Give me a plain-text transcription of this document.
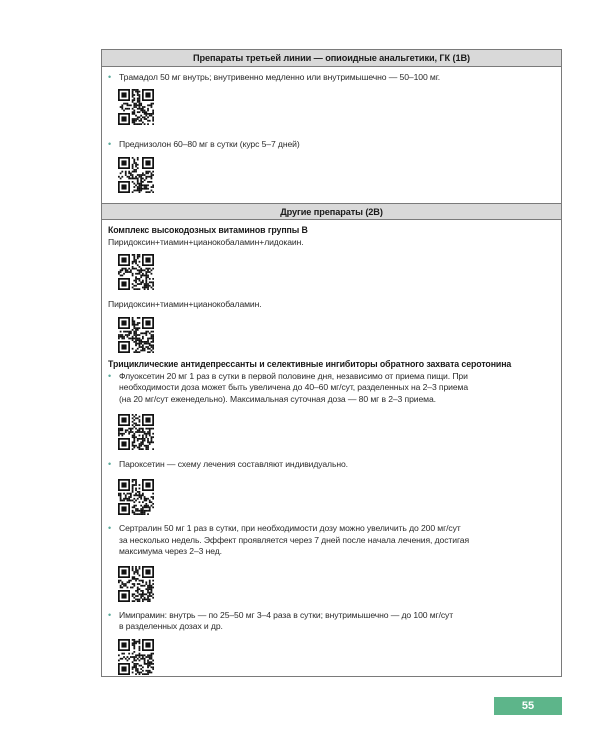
Препараты третьей линии — опиоидные анальгетики, ГК (1В)
• Трамадол 50 мг внутрь; внутривенно медленно или внутримышечно — 50–100 мг.
• Преднизолон 60–80 мг в сутки (курс 5–7 дней)
Другие препараты (2В)
Комплекс высокодозных витаминов группы В
Пиридоксин+тиамин+цианокобаламин+лидокаин.
Пиридоксин+тиамин+цианокобаламин.
Трициклические антидепрессанты и селективные ингибиторы обратного захвата серотонина
• Флуоксетин 20 мг 1 раз в сутки в первой половине дня, независимо от приема пищи. При
необходимости доза может быть увеличена до 40–60 мг/сут, разделенных на 2–3 приема
(на 20 мг/сут еженедельно). Максимальная суточная доза — 80 мг в 2–3 приема.
• Пароксетин — схему лечения составляют индивидуально.
• Сертралин 50 мг 1 раз в сутки, при необходимости дозу можно увеличить до 200 мг/сут
за несколько недель. Эффект проявляется через 7 дней после начала лечения, достигая
максимума через 2–3 нед.
• Имипрамин: внутрь — по 25–50 мг 3–4 раза в сутки; внутримышечно — до 100 мг/сут
в разделенных дозах и др.
55
